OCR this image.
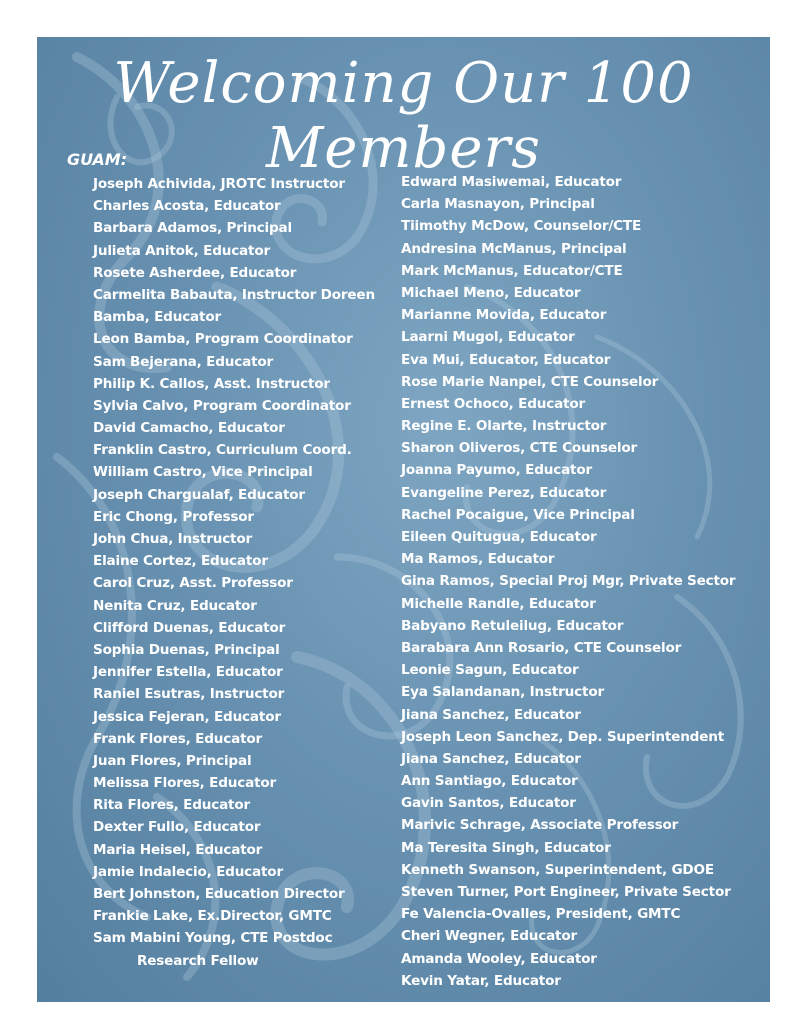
Welcoming Our 100 Members
GUAM:
Joseph Achivida, JROTC Instructor
Charles Acosta, Educator
Barbara Adamos, Principal
Julieta Anitok, Educator
Rosete Asherdee, Educator
Carmelita Babauta, Instructor Doreen
Bamba, Educator
Leon Bamba, Program Coordinator
Sam Bejerana, Educator
Philip K. Callos, Asst. Instructor
Sylvia Calvo, Program Coordinator
David Camacho, Educator
Franklin Castro, Curriculum Coord.
William Castro, Vice Principal
Joseph Chargualaf, Educator
Eric Chong, Professor
John Chua, Instructor
Elaine Cortez, Educator
Carol Cruz, Asst. Professor
Nenita Cruz, Educator
Clifford Duenas, Educator
Sophia Duenas, Principal
Jennifer Estella, Educator
Raniel Esutras, Instructor
Jessica Fejeran, Educator
Frank Flores, Educator
Juan Flores, Principal
Melissa Flores, Educator
Rita Flores, Educator
Dexter Fullo, Educator
Maria Heisel, Educator
Jamie Indalecio, Educator
Bert Johnston, Education Director
Frankie Lake, Ex.Director, GMTC
Sam Mabini Young, CTE Postdoc
Research Fellow
Edward Masiwemai, Educator
Carla Masnayon, Principal
Tiimothy McDow, Counselor/CTE
Andresina McManus, Principal
Mark McManus, Educator/CTE
Michael Meno, Educator
Marianne Movida, Educator
Laarni Mugol, Educator
Eva Mui, Educator, Educator
Rose Marie Nanpei, CTE Counselor
Ernest Ochoco, Educator
Regine E. Olarte, Instructor
Sharon Oliveros, CTE Counselor
Joanna Payumo, Educator
Evangeline Perez, Educator
Rachel Pocaigue, Vice Principal
Eileen Quitugua, Educator
Ma Ramos, Educator
Gina Ramos, Special Proj Mgr, Private Sector
Michelle Randle, Educator
Babyano Retuleilug, Educator
Barabara Ann Rosario, CTE Counselor
Leonie Sagun, Educator
Eya Salandanan, Instructor
Jiana Sanchez, Educator
Joseph Leon Sanchez, Dep. Superintendent
Jiana Sanchez, Educator
Ann Santiago, Educator
Gavin Santos, Educator
Marivic Schrage, Associate Professor
Ma Teresita Singh, Educator
Kenneth Swanson, Superintendent, GDOE
Steven Turner, Port Engineer, Private Sector
Fe Valencia-Ovalles, President, GMTC
Cheri Wegner, Educator
Amanda Wooley, Educator
Kevin Yatar, Educator
